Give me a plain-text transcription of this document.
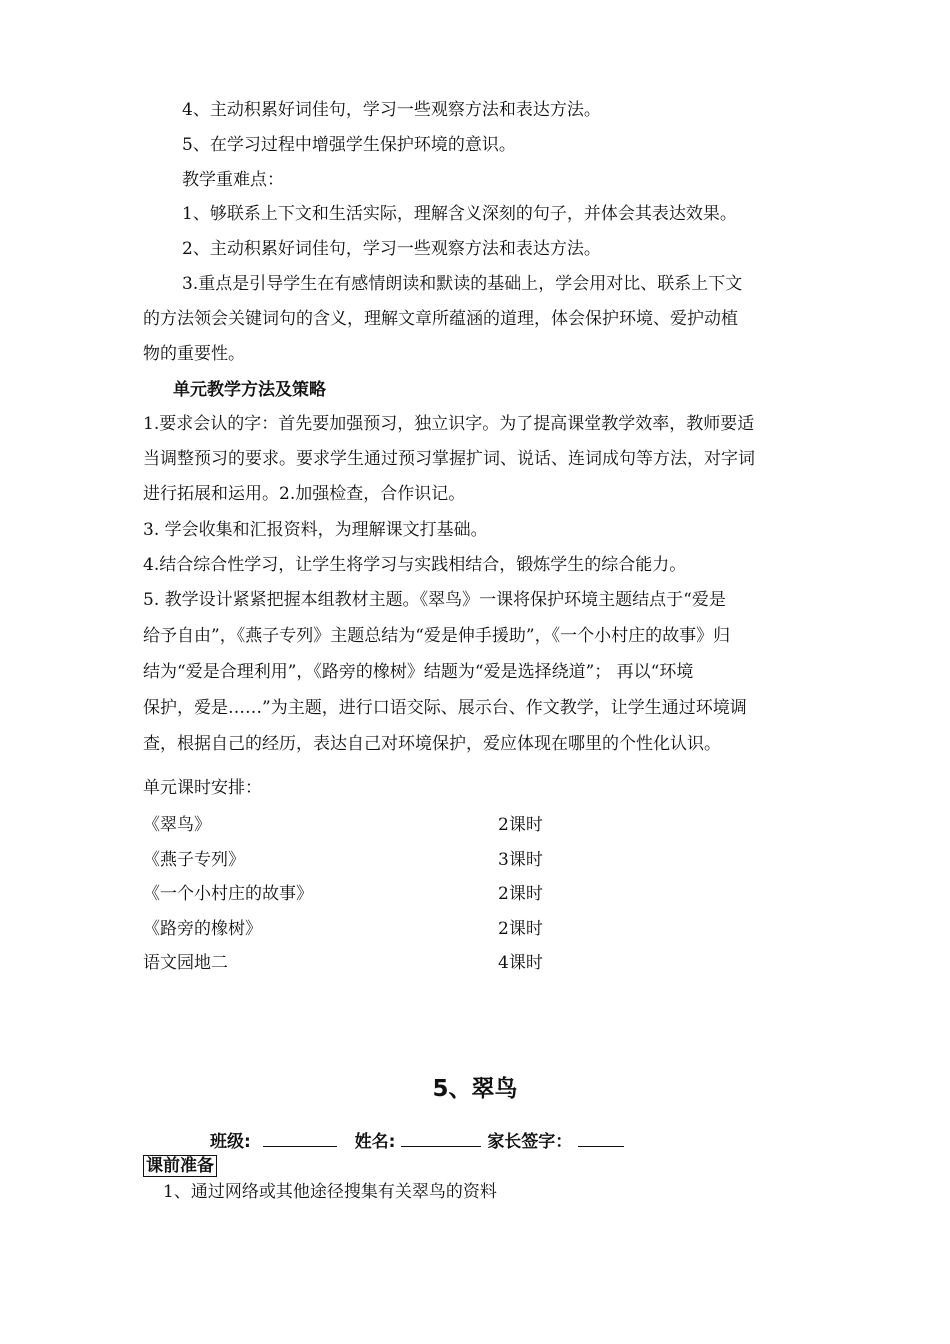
4、主动积累好词佳句，学习一些观察方法和表达方法。
5、在学习过程中增强学生保护环境的意识。
教学重难点：
1、够联系上下文和生活实际，理解含义深刻的句子，并体会其表达效果。
2、主动积累好词佳句，学习一些观察方法和表达方法。
3.重点是引导学生在有感情朗读和默读的基础上，学会用对比、联系上下文
的方法领会关键词句的含义，理解文章所蕴涵的道理，体会保护环境、爱护动植
物的重要性。
单元教学方法及策略
1.要求会认的字：首先要加强预习，独立识字。为了提高课堂教学效率，教师要适
当调整预习的要求。要求学生通过预习掌握扩词、说话、连词成句等方法，对字词
进行拓展和运用。2.加强检查，合作识记。
3. 学会收集和汇报资料，为理解课文打基础。
4.结合综合性学习，让学生将学习与实践相结合，锻炼学生的综合能力。
5. 教学设计紧紧把握本组教材主题。《翠鸟》一课将保护环境主题结点于“爱是
给予自由”，《燕子专列》主题总结为“爱是伸手援助”，《一个小村庄的故事》归
结为“爱是合理利用”，《路旁的橡树》结题为“爱是选择绕道”； 再以“环境
保护，爱是……”为主题，进行口语交际、展示台、作文教学，让学生通过环境调
查，根据自己的经历，表达自己对环境保护，爱应体现在哪里的个性化认识。
单元课时安排：
《翠鸟》	2课时
《燕子专列》	3课时
《一个小村庄的故事》	2课时
《路旁的橡树》	2课时
语文园地二	4课时
5、翠鸟
班级:	姓名:	家长签字：
课前准备
1、通过网络或其他途径搜集有关翠鸟的资料
